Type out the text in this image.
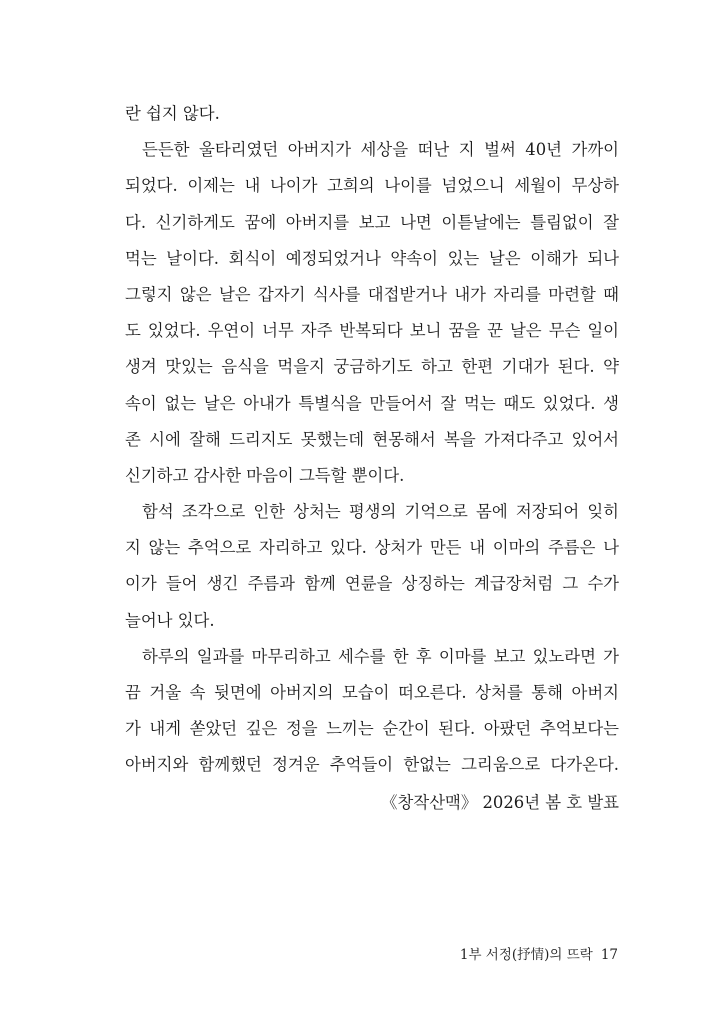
란 쉽지 않다.
든든한 울타리였던 아버지가 세상을 떠난 지 벌써 40년 가까이
되었다. 이제는 내 나이가 고희의 나이를 넘었으니 세월이 무상하
다. 신기하게도 꿈에 아버지를 보고 나면 이튿날에는 틀림없이 잘
먹는 날이다. 회식이 예정되었거나 약속이 있는 날은 이해가 되나
그렇지 않은 날은 갑자기 식사를 대접받거나 내가 자리를 마련할 때
도 있었다. 우연이 너무 자주 반복되다 보니 꿈을 꾼 날은 무슨 일이
생겨 맛있는 음식을 먹을지 궁금하기도 하고 한편 기대가 된다. 약
속이 없는 날은 아내가 특별식을 만들어서 잘 먹는 때도 있었다. 생
존 시에 잘해 드리지도 못했는데 현몽해서 복을 가져다주고 있어서
신기하고 감사한 마음이 그득할 뿐이다.
함석 조각으로 인한 상처는 평생의 기억으로 몸에 저장되어 잊히
지 않는 추억으로 자리하고 있다. 상처가 만든 내 이마의 주름은 나
이가 들어 생긴 주름과 함께 연륜을 상징하는 계급장처럼 그 수가
늘어나 있다.
하루의 일과를 마무리하고 세수를 한 후 이마를 보고 있노라면 가
끔 거울 속 뒷면에 아버지의 모습이 떠오른다. 상처를 통해 아버지
가 내게 쏟았던 깊은 정을 느끼는 순간이 된다. 아팠던 추억보다는
아버지와 함께했던 정겨운 추억들이 한없는 그리움으로 다가온다.
《창작산맥》 2026년 봄 호 발표
1부 서정(抒情)의 뜨락 17
